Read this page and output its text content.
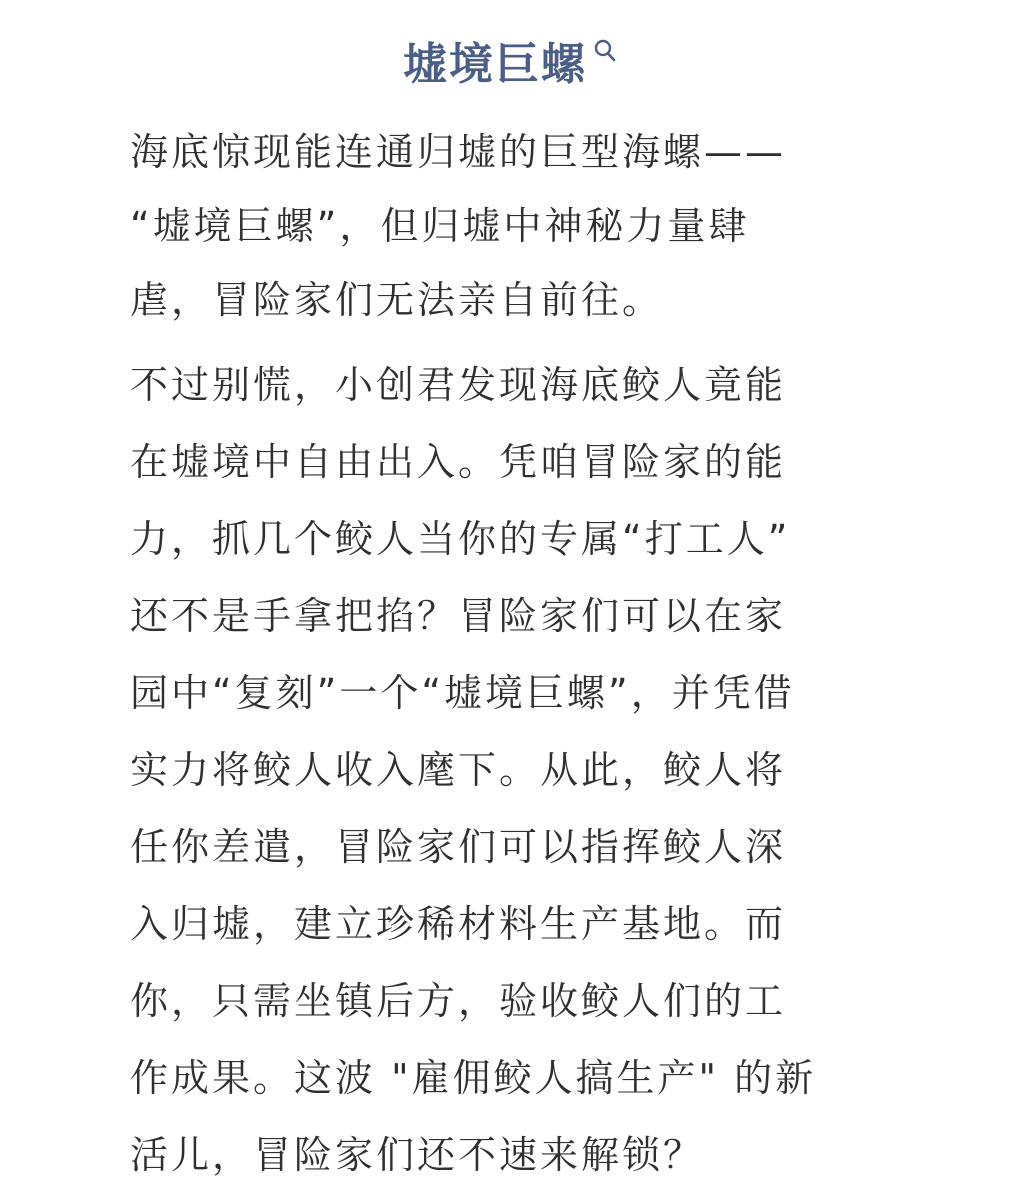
墟境巨螺

海底惊现能连通归墟的巨型海螺——
“墟境巨螺”，但归墟中神秘力量肆
虐，冒险家们无法亲自前往。

不过别慌，小创君发现海底鲛人竟能
在墟境中自由出入。凭咱冒险家的能
力，抓几个鲛人当你的专属“打工人”
还不是手拿把掐？冒险家们可以在家
园中“复刻”一个“墟境巨螺”，并凭借
实力将鲛人收入麾下。从此，鲛人将
任你差遣，冒险家们可以指挥鲛人深
入归墟，建立珍稀材料生产基地。而
你，只需坐镇后方，验收鲛人们的工
作成果。这波 "雇佣鲛人搞生产" 的新
活儿，冒险家们还不速来解锁？
